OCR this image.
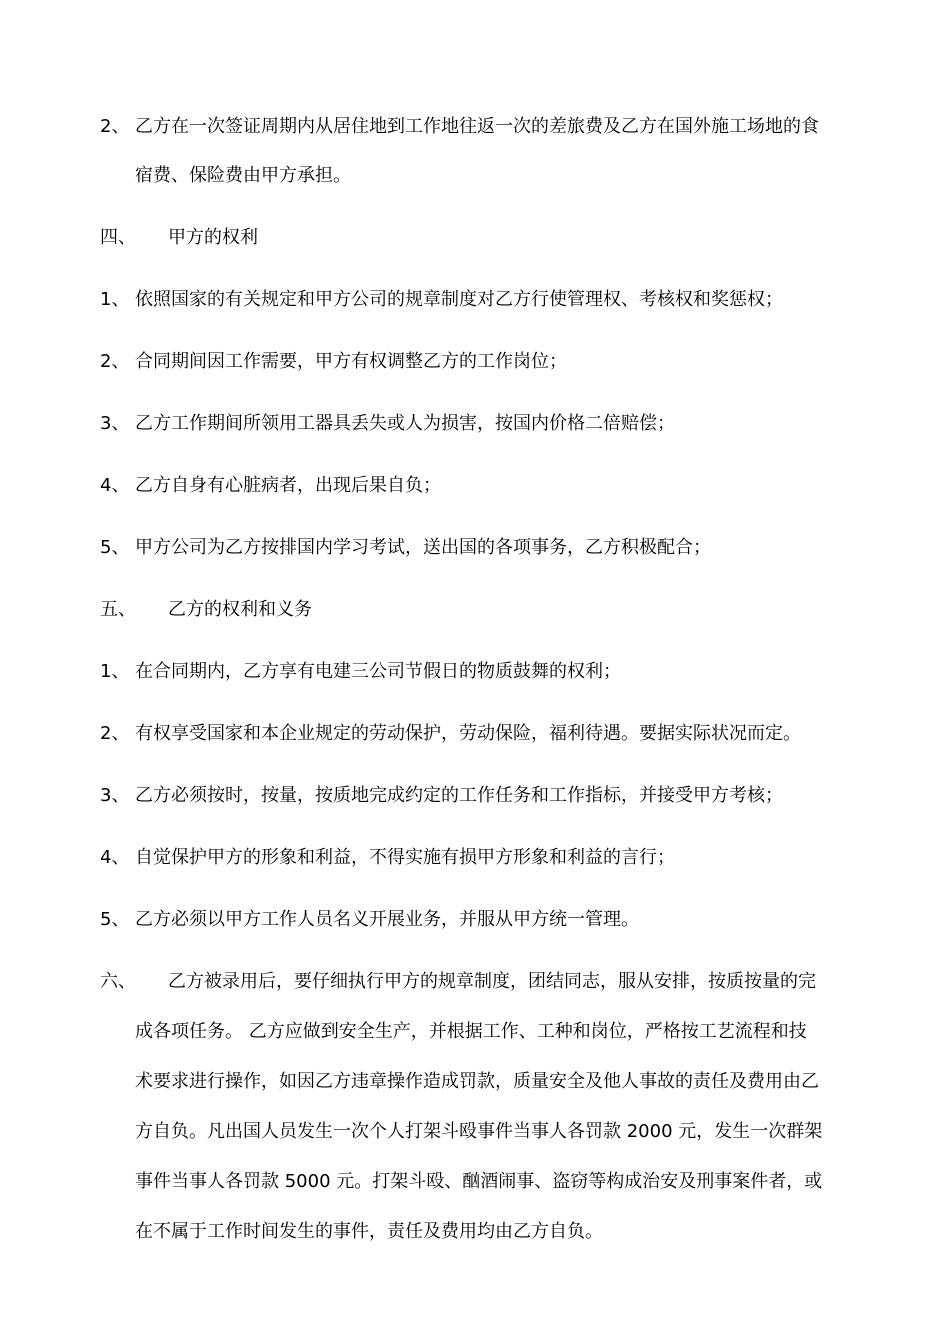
2、 乙方在一次签证周期内从居住地到工作地往返一次的差旅费及乙方在国外施工场地的食
宿费、保险费由甲方承担。
四、 甲方的权利
1、 依照国家的有关规定和甲方公司的规章制度对乙方行使管理权、考核权和奖惩权；
2、 合同期间因工作需要，甲方有权调整乙方的工作岗位；
3、 乙方工作期间所领用工器具丢失或人为损害，按国内价格二倍赔偿；
4、 乙方自身有心脏病者，出现后果自负；
5、 甲方公司为乙方按排国内学习考试，送出国的各项事务，乙方积极配合；
五、 乙方的权利和义务
1、 在合同期内，乙方享有电建三公司节假日的物质鼓舞的权利；
2、 有权享受国家和本企业规定的劳动保护，劳动保险，福利待遇。要据实际状况而定。
3、 乙方必须按时，按量，按质地完成约定的工作任务和工作指标，并接受甲方考核；
4、 自觉保护甲方的形象和利益，不得实施有损甲方形象和利益的言行；
5、 乙方必须以甲方工作人员名义开展业务，并服从甲方统一管理。
六、 乙方被录用后，要仔细执行甲方的规章制度，团结同志，服从安排，按质按量的完
成各项任务。 乙方应做到安全生产，并根据工作、工种和岗位，严格按工艺流程和技
术要求进行操作，如因乙方违章操作造成罚款，质量安全及他人事故的责任及费用由乙
方自负。凡出国人员发生一次个人打架斗殴事件当事人各罚款 2000 元，发生一次群架
事件当事人各罚款 5000 元。打架斗殴、酗酒闹事、盗窃等构成治安及刑事案件者，或
在不属于工作时间发生的事件，责任及费用均由乙方自负。
